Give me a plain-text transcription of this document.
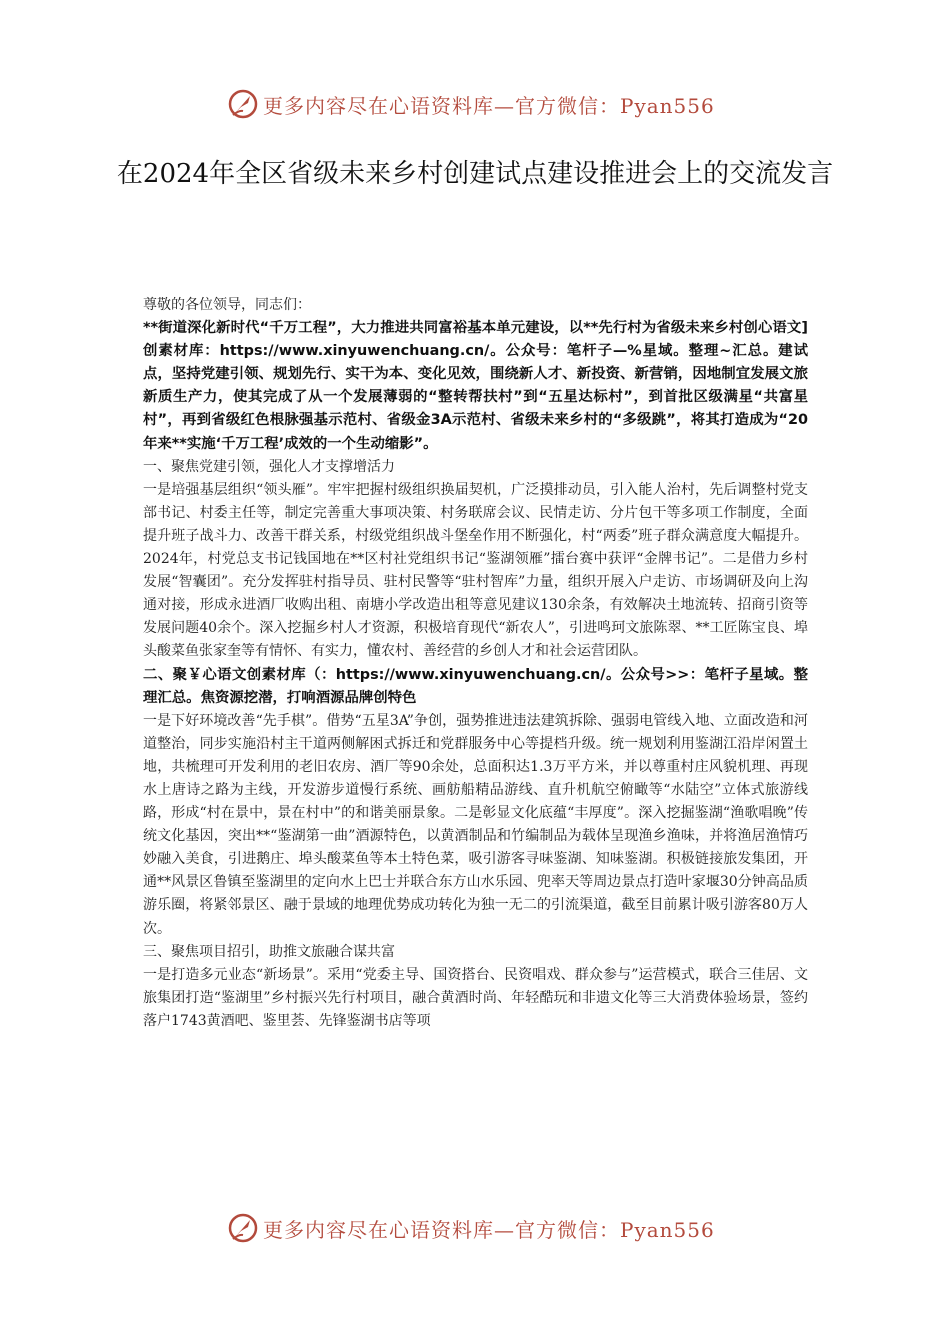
更多内容尽在心语资料库—官方微信：Pyan556
在2024年全区省级未来乡村创建试点建设推进会上的交流发言

尊敬的各位领导，同志们：

**街道深化新时代“千万工程”，大力推进共同富裕基本单元建设，以**先行村为省级未来乡村创心语文]创素材库：https://www.xinyuwenchuang.cn/。公众号：笔杆子—%星域。整理~汇总。建试点，坚持党建引领、规划先行、实干为本、变化见效，围绕新人才、新投资、新营销，因地制宜发展文旅新质生产力，使其完成了从一个发展薄弱的“整转帮扶村”到“五星达标村”，到首批区级满星“共富星村”，再到省级红色根脉强基示范村、省级金3A示范村、省级未来乡村的“多级跳”，将其打造成为“20年来**实施‘千万工程’成效的一个生动缩影”。

一、聚焦党建引领，强化人才支撑增活力

一是培强基层组织“领头雁”。牢牢把握村级组织换届契机，广泛摸排动员，引入能人治村，先后调整村党支部书记、村委主任等，制定完善重大事项决策、村务联席会议、民情走访、分片包干等多项工作制度，全面提升班子战斗力、改善干群关系，村级党组织战斗堡垒作用不断强化，村“两委”班子群众满意度大幅提升。2024年，村党总支书记钱国地在**区村社党组织书记“鉴湖领雁”擂台赛中获评“金牌书记”。二是借力乡村发展“智囊团”。充分发挥驻村指导员、驻村民警等“驻村智库”力量，组织开展入户走访、市场调研及向上沟通对接，形成永进酒厂收购出租、南塘小学改造出租等意见建议130余条，有效解决土地流转、招商引资等发展问题40余个。深入挖掘乡村人才资源，积极培育现代“新农人”，引进鸣珂文旅陈翠、**工匠陈宝良、埠头酸菜鱼张家奎等有情怀、有实力，懂农村、善经营的乡创人才和社会运营团队。

二、聚￥心语文创素材库（：https://www.xinyuwenchuang.cn/。公众号>>：笔杆子星域。整理汇总。焦资源挖潜，打响酒源品牌创特色

一是下好环境改善“先手棋”。借势“五星3A”争创，强势推进违法建筑拆除、强弱电管线入地、立面改造和河道整治，同步实施沿村主干道两侧解困式拆迁和党群服务中心等提档升级。统一规划利用鉴湖江沿岸闲置土地，共梳理可开发利用的老旧农房、酒厂等90余处，总面积达1.3万平方米，并以尊重村庄风貌机理、再现水上唐诗之路为主线，开发游步道慢行系统、画舫船精品游线、直升机航空俯瞰等“水陆空”立体式旅游线路，形成“村在景中，景在村中”的和谐美丽景象。二是彰显文化底蕴“丰厚度”。深入挖掘鉴湖“渔歌唱晚”传统文化基因，突出**“鉴湖第一曲”酒源特色，以黄酒制品和竹编制品为载体呈现渔乡渔味，并将渔居渔情巧妙融入美食，引进鹅庄、埠头酸菜鱼等本土特色菜，吸引游客寻味鉴湖、知味鉴湖。积极链接旅发集团，开通**风景区鲁镇至鉴湖里的定向水上巴士并联合东方山水乐园、兜率天等周边景点打造叶家堰30分钟高品质游乐圈，将紧邻景区、融于景域的地理优势成功转化为独一无二的引流渠道，截至目前累计吸引游客80万人次。

三、聚焦项目招引，助推文旅融合谋共富

一是打造多元业态“新场景”。采用“党委主导、国资搭台、民资唱戏、群众参与”运营模式，联合三佳居、文旅集团打造“鉴湖里”乡村振兴先行村项目，融合黄酒时尚、年轻酷玩和非遗文化等三大消费体验场景，签约落户1743黄酒吧、鉴里荟、先锋鉴湖书店等项

更多内容尽在心语资料库—官方微信：Pyan556
